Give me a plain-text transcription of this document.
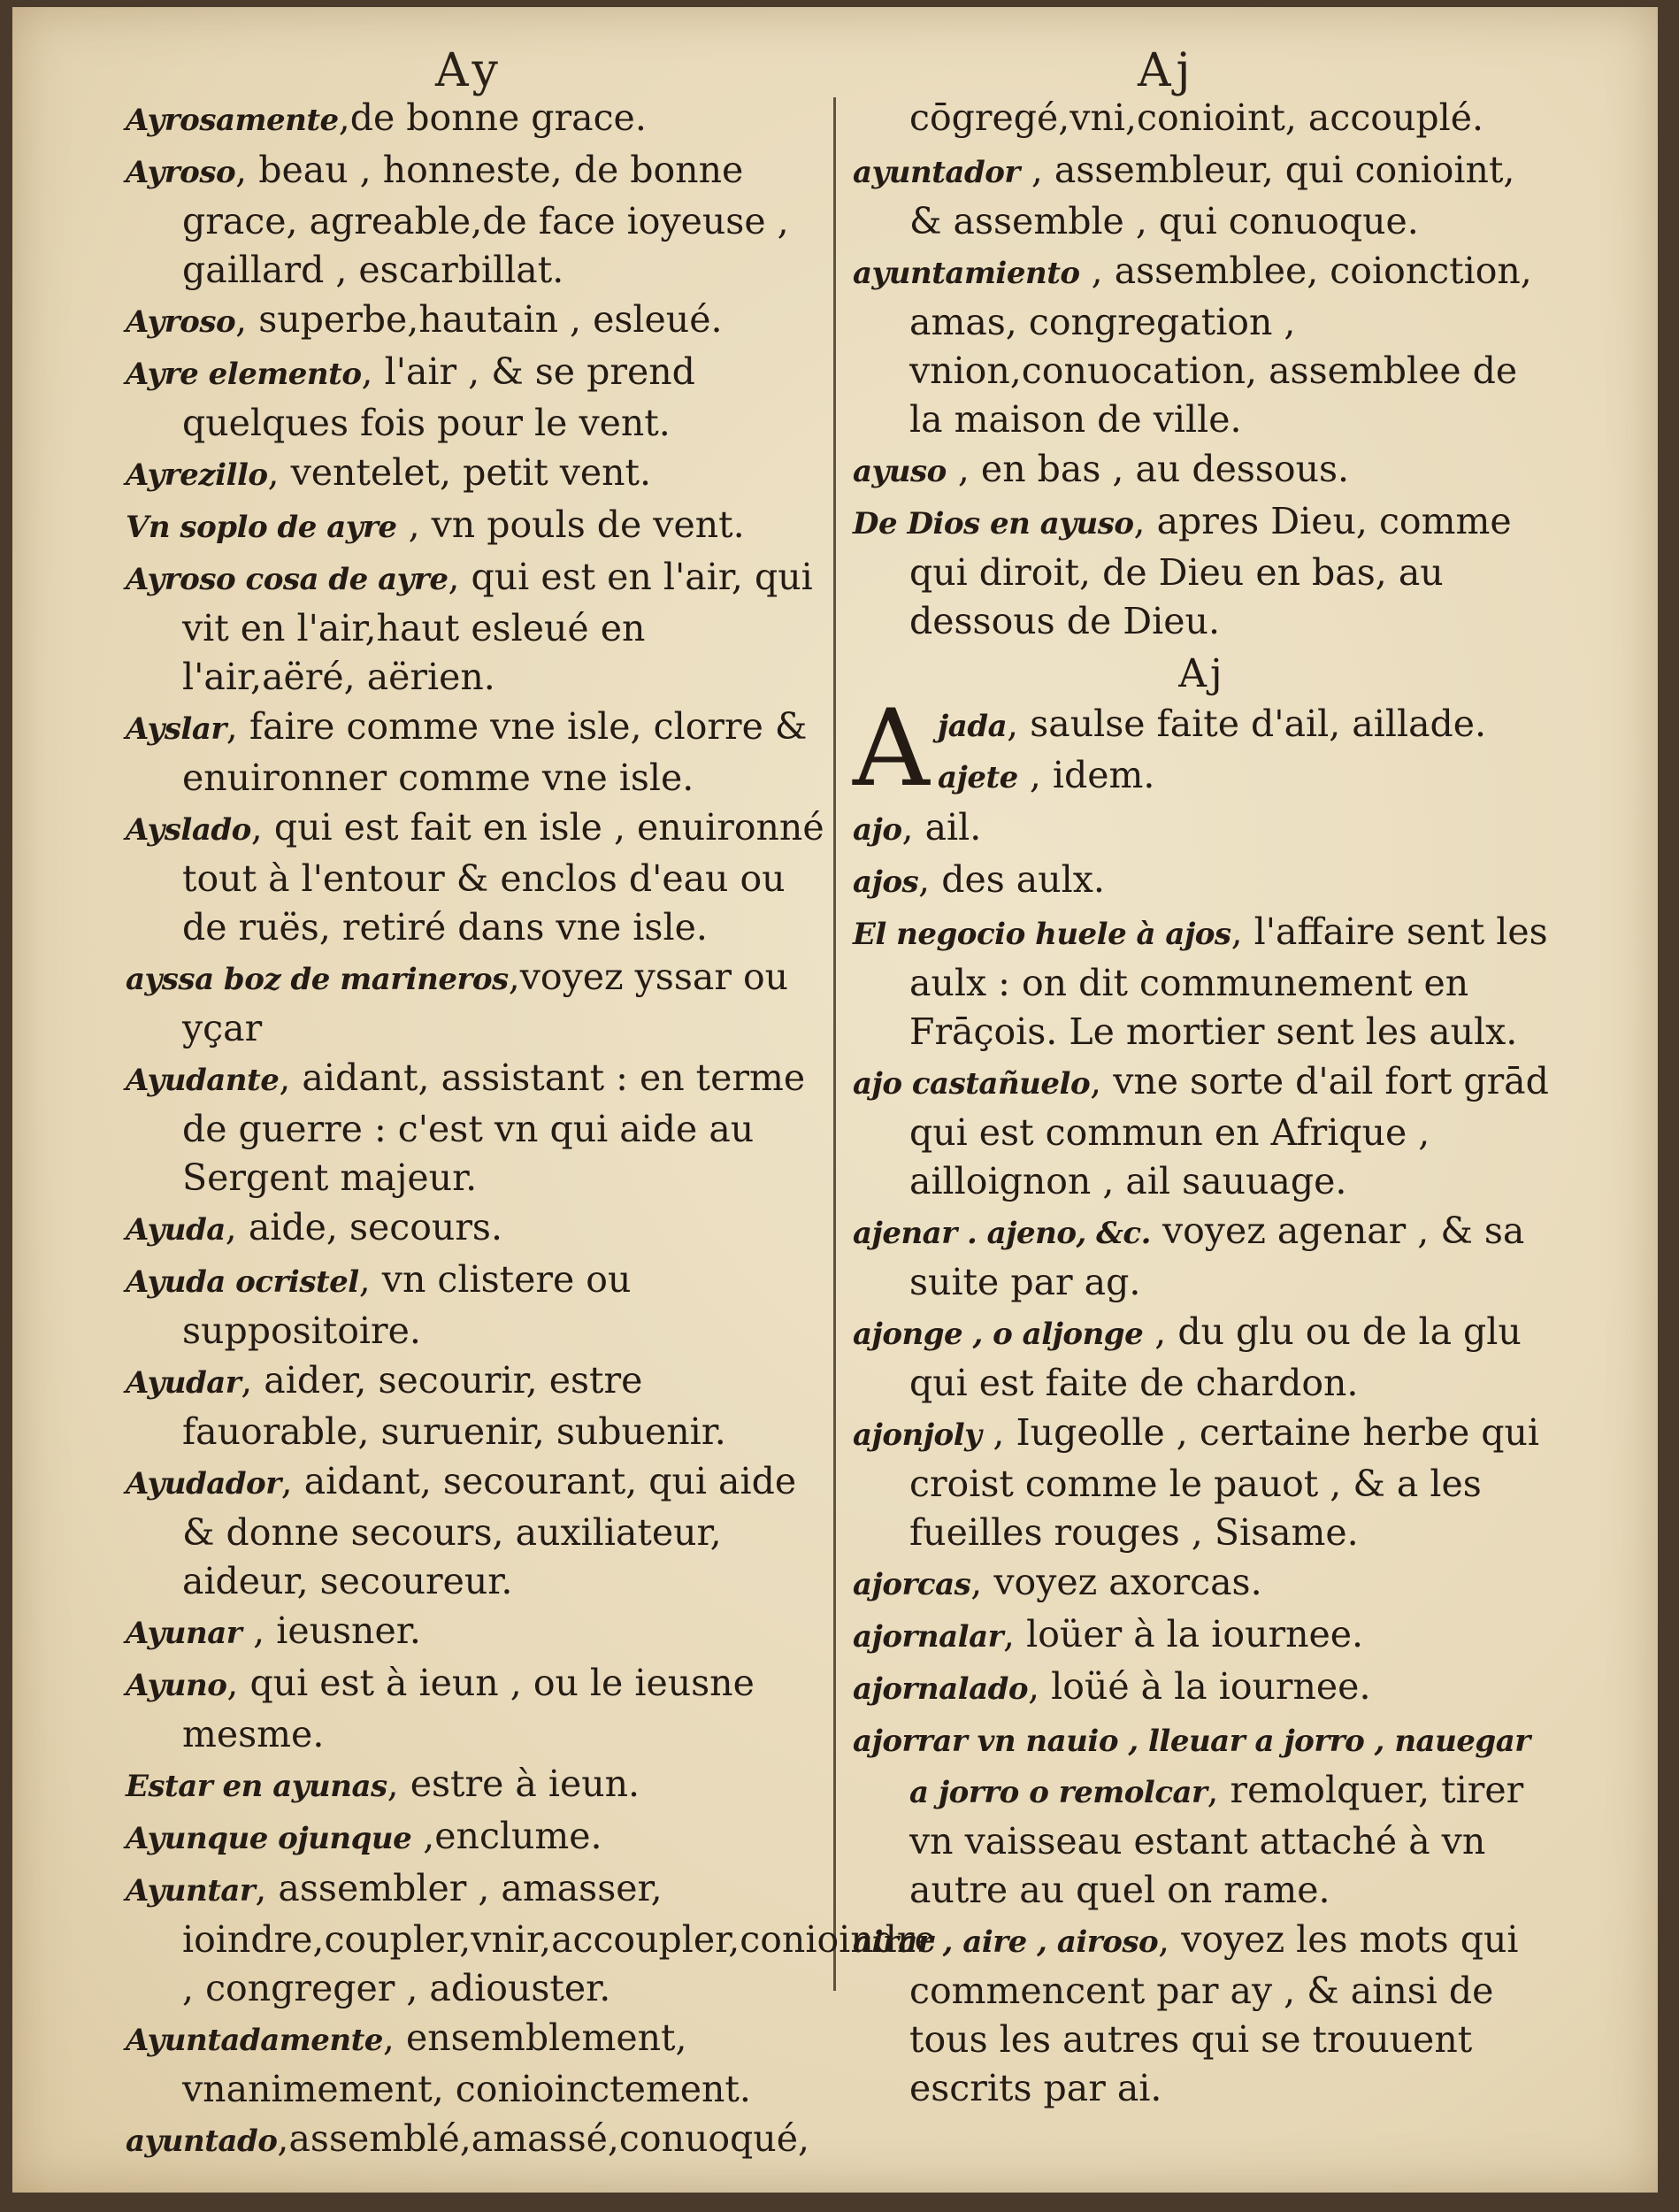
Ay	Aj
Ayrosamente,de bonne grace.
Ayroso, beau , honneste, de bonne grace, agreable,de face ioyeuse , gaillard , escarbillat.
Ayroso, superbe,hautain , esleué.
Ayre elemento, l'air , & se prend quelques fois pour le vent.
Ayrezillo, ventelet, petit vent.
Vn soplo de ayre , vn pouls de vent.
Ayroso cosa de ayre, qui est en l'air, qui vit en l'air,haut esleué en l'air,aëré, aërien.
Ayslar, faire comme vne isle, clorre & enuironner comme vne isle.
Ayslado, qui est fait en isle , enuironné tout à l'entour & enclos d'eau ou de ruës, retiré dans vne isle.
ayssa boz de marineros,voyez yssar ou yçar
Ayudante, aidant, assistant : en terme de guerre : c'est vn qui aide au Sergent majeur.
Ayuda, aide, secours.
Ayuda ocristel, vn clistere ou suppositoire.
Ayudar, aider, secourir, estre fauorable, suruenir, subuenir.
Ayudador, aidant, secourant, qui aide & donne secours, auxiliateur, aideur, secoureur.
Ayunar , ieusner.
Ayuno, qui est à ieun , ou le ieusne mesme.
Estar en ayunas, estre à ieun.
Ayunque ojunque ,enclume.
Ayuntar, assembler , amasser, ioindre,coupler,vnir,accoupler,conioindre , congreger , adiouster.
Ayuntadamente, ensemblement, vnanimement, conioinctement.
ayuntado,assemblé,amassé,conuoqué,
cōgregé,vni,conioint, accouplé.
ayuntador , assembleur, qui conioint, & assemble , qui conuoque.
ayuntamiento , assemblee, coionction, amas, congregation , vnion,conuocation, assemblee de la maison de ville.
ayuso , en bas , au dessous.
De Dios en ayuso, apres Dieu, comme qui diroit, de Dieu en bas, au dessous de Dieu.
Aj
A jada, saulse faite d'ail, aillade.
ajete , idem.
ajo, ail.
ajos, des aulx.
El negocio huele à ajos, l'affaire sent les aulx : on dit communement en Frāçois. Le mortier sent les aulx.
ajo castañuelo, vne sorte d'ail fort grād qui est commun en Afrique , ailloignon , ail sauuage.
ajenar . ajeno, &c. voyez agenar , & sa suite par ag.
ajonge , o aljonge , du glu ou de la glu qui est faite de chardon.
ajonjoly , Iugeolle , certaine herbe qui croist comme le pauot , & a les fueilles rouges , Sisame.
ajorcas, voyez axorcas.
ajornalar, loüer à la iournee.
ajornalado, loüé à la iournee.
ajorrar vn nauio , lleuar a jorro , nauegar a jorro o remolcar, remolquer, tirer vn vaisseau estant attaché à vn autre au quel on rame.
airar , aire , airoso, voyez les mots qui commencent par ay , & ainsi de tous les autres qui se trouuent escrits par ai.
